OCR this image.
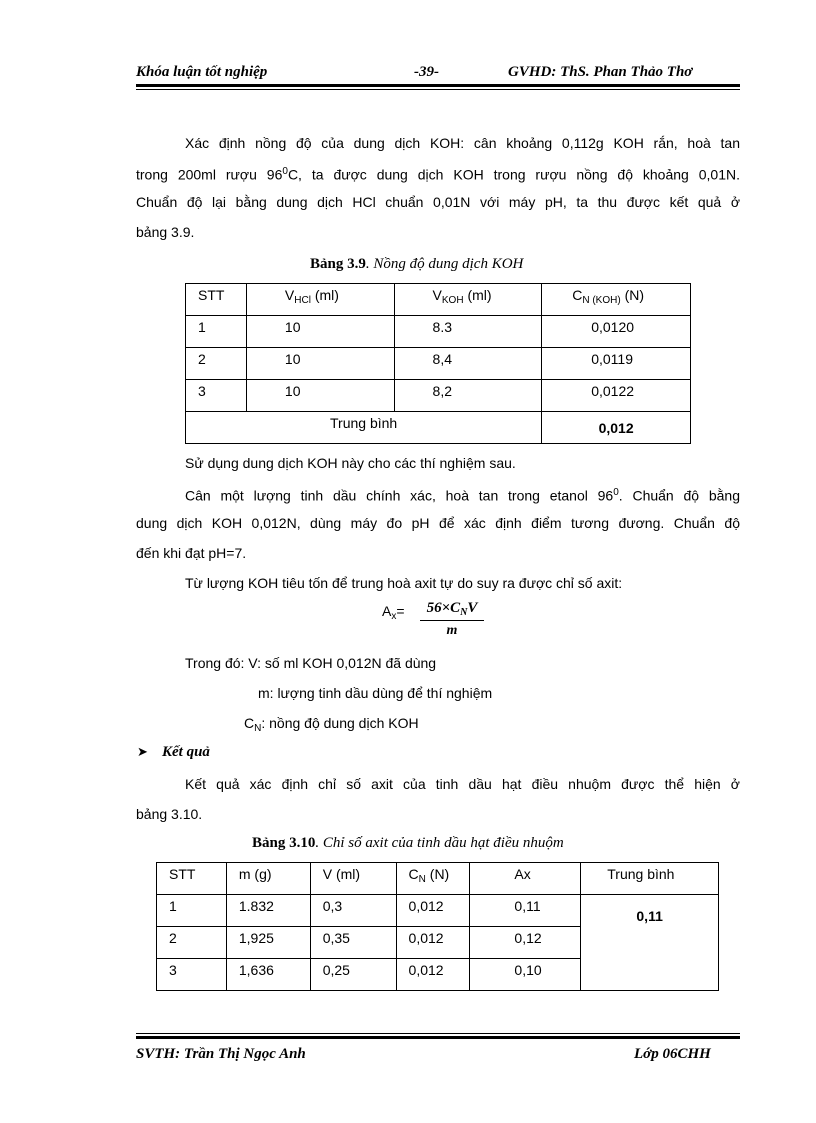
Khóa luận tốt nghiệp	-39-	GVHD: ThS. Phan Thảo Thơ
Xác định nồng độ của dung dịch KOH: cân khoảng 0,112g KOH rắn, hoà tan
trong 200ml rượu $96^0C$, ta được dung dịch KOH trong rượu nồng độ khoảng 0,01N.
Chuẩn độ lại bằng dung dịch HCl chuẩn 0,01N với máy pH, ta thu được kết quả ở
bảng 3.9.
Bảng 3.9. Nồng độ dung dịch KOH
STT	$V_{HCl}$ (ml)	$V_{KOH}$ (ml)	$C_{N (KOH)}$ (N)
1	10	8.3	0,0120
2	10	8,4	0,0119
3	10	8,2	0,0122
Trung bình			0,012
Sử dụng dung dịch KOH này cho các thí nghiệm sau.
Cân một lượng tinh dầu chính xác, hoà tan trong etanol $96^0$. Chuẩn độ bằng
dung dịch KOH 0,012N, dùng máy đo pH để xác định điểm tương đương. Chuẩn độ
đến khi đạt pH=7.
Từ lượng KOH tiêu tốn để trung hoà axit tự do suy ra được chỉ số axit:
$A_x=$	$56\times C_NV$
m
Trong đó: V: số ml KOH 0,012N đã dùng
m: lượng tinh dầu dùng để thí nghiệm
$C_N$: nồng độ dung dịch KOH
➤ Kết quả
Kết quả xác định chỉ số axit của tinh dầu hạt điều nhuộm được thể hiện ở
bảng 3.10.
Bảng 3.10. Chỉ số axit của tinh dầu hạt điều nhuộm
STT	m (g)	V (ml)	$C_N$ (N)	Ax	Trung bình
1	1.832	0,3	0,012	0,11	0,11
2	1,925	0,35	0,012	0,12	
3	1,636	0,25	0,012	0,10	
SVTH: Trần Thị Ngọc Anh	Lớp 06CHH
